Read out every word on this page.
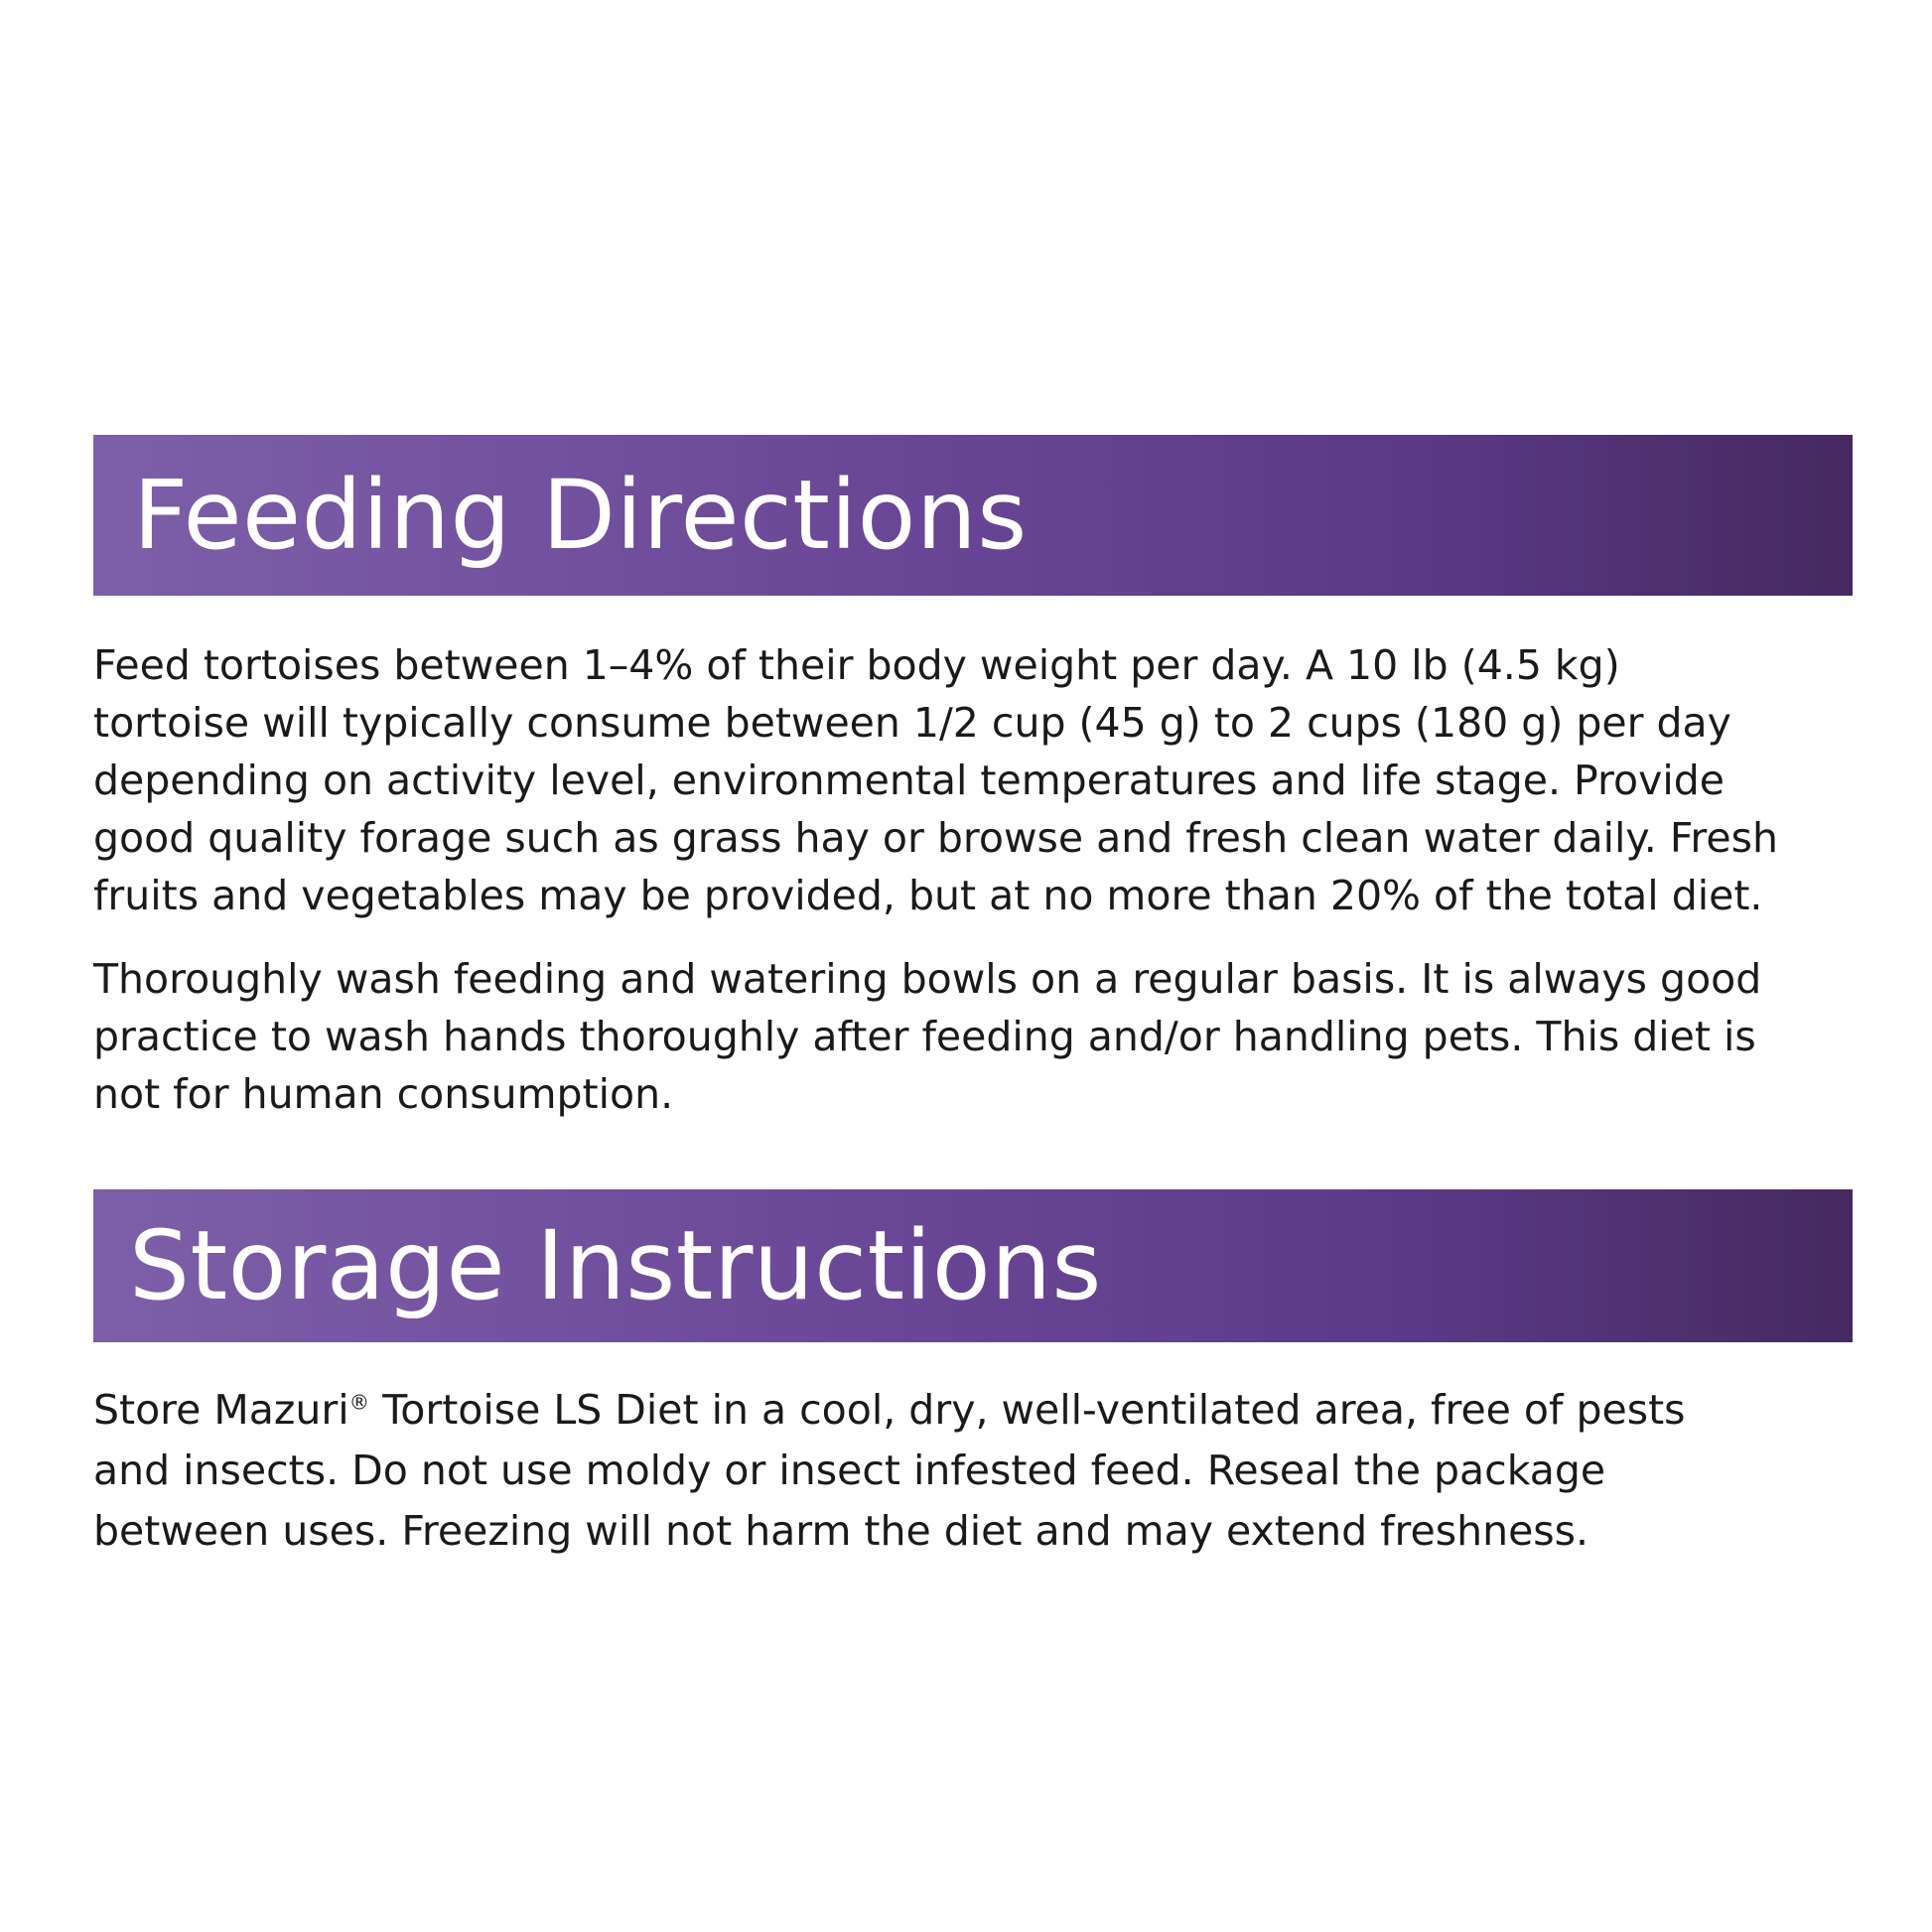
Feeding Directions

Feed tortoises between 1–4% of their body weight per day. A 10 lb (4.5 kg)
tortoise will typically consume between 1/2 cup (45 g) to 2 cups (180 g) per day
depending on activity level, environmental temperatures and life stage. Provide
good quality forage such as grass hay or browse and fresh clean water daily. Fresh
fruits and vegetables may be provided, but at no more than 20% of the total diet.

Thoroughly wash feeding and watering bowls on a regular basis. It is always good
practice to wash hands thoroughly after feeding and/or handling pets. This diet is
not for human consumption.

Storage Instructions

Store Mazuri® Tortoise LS Diet in a cool, dry, well-ventilated area, free of pests
and insects. Do not use moldy or insect infested feed. Reseal the package
between uses. Freezing will not harm the diet and may extend freshness.
